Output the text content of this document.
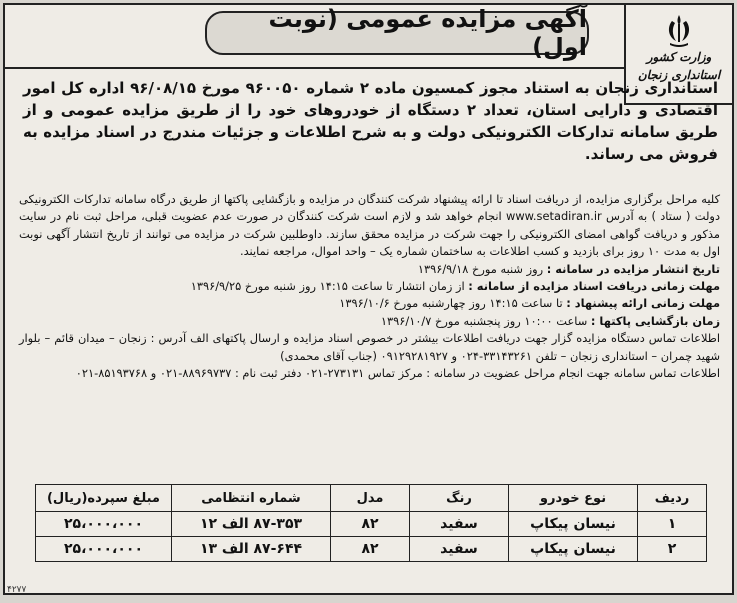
آگهی مزایده عمومی (نوبت اول)	وزارت کشور
استانداری زنجان
استانداری زنجان به استناد مجوز کمسیون ماده ۲ شماره ۹۶۰۰۵۰ مورخ ۹۶/۰۸/۱۵ اداره کل امور اقتصادی و دارایی استان، تعداد ۲ دستگاه از خودروهای خود را از طریق مزایده عمومی و از طریق سامانه تدارکات الکترونیکی دولت و به شرح اطلاعات و جزئیات مندرج در اسناد مزایده به فروش می رساند.

کلیه مراحل برگزاری مزایده، از دریافت اسناد تا ارائه پیشنهاد شرکت کنندگان در مزایده و بازگشایی پاکتها از طریق درگاه سامانه تدارکات الکترونیکی دولت ( ستاد ) به آدرس www.setadiran.ir انجام خواهد شد و لازم است شرکت کنندگان در صورت عدم عضویت قبلی، مراحل ثبت نام در سایت مذکور و دریافت گواهی امضای الکترونیکی را جهت شرکت در مزایده محقق سازند. داوطلبین شرکت در مزایده می توانند از تاریخ انتشار آگهی نوبت اول به مدت ۱۰ روز برای بازدید و کسب اطلاعات به ساختمان شماره یک – واحد اموال، مراجعه نمایند.

تاریخ انتشار مزایده در سامانه : روز شنبه مورخ ۱۳۹۶/۹/۱۸

مهلت زمانی دریافت اسناد مزایده از سامانه : از زمان انتشار تا ساعت ۱۴:۱۵ روز شنبه مورخ ۱۳۹۶/۹/۲۵

مهلت زمانی ارائه پیشنهاد : تا ساعت ۱۴:۱۵ روز چهارشنبه مورخ ۱۳۹۶/۱۰/۶

زمان بازگشایی پاکتها : ساعت ۱۰:۰۰ روز پنجشنبه مورخ ۱۳۹۶/۱۰/۷

اطلاعات تماس دستگاه مزایده گزار جهت دریافت اطلاعات بیشتر در خصوص اسناد مزایده و ارسال پاکتهای الف آدرس : زنجان – میدان قائم – بلوار شهید چمران – استانداری زنجان – تلفن ۳۳۱۴۳۲۶۱-۰۲۴ و ۰۹۱۲۹۲۸۱۹۲۷ (جناب آقای محمدی)

اطلاعات تماس سامانه جهت انجام مراحل عضویت در سامانه : مرکز تماس ۲۷۳۱۳۱-۰۲۱ دفتر ثبت نام : ۸۸۹۶۹۷۳۷-۰۲۱ و ۸۵۱۹۳۷۶۸-۰۲۱

ردیف	نوع خودرو	رنگ	مدل	شماره انتظامی	مبلغ سپرده(ریال)
۱	نیسان پیکاپ	سفید	۸۲	۸۷-۳۵۳ الف ۱۲	۲۵،۰۰۰،۰۰۰
۲	نیسان پیکاپ	سفید	۸۲	۸۷-۶۴۴ الف ۱۳	۲۵،۰۰۰،۰۰۰
۴۲۷۷
